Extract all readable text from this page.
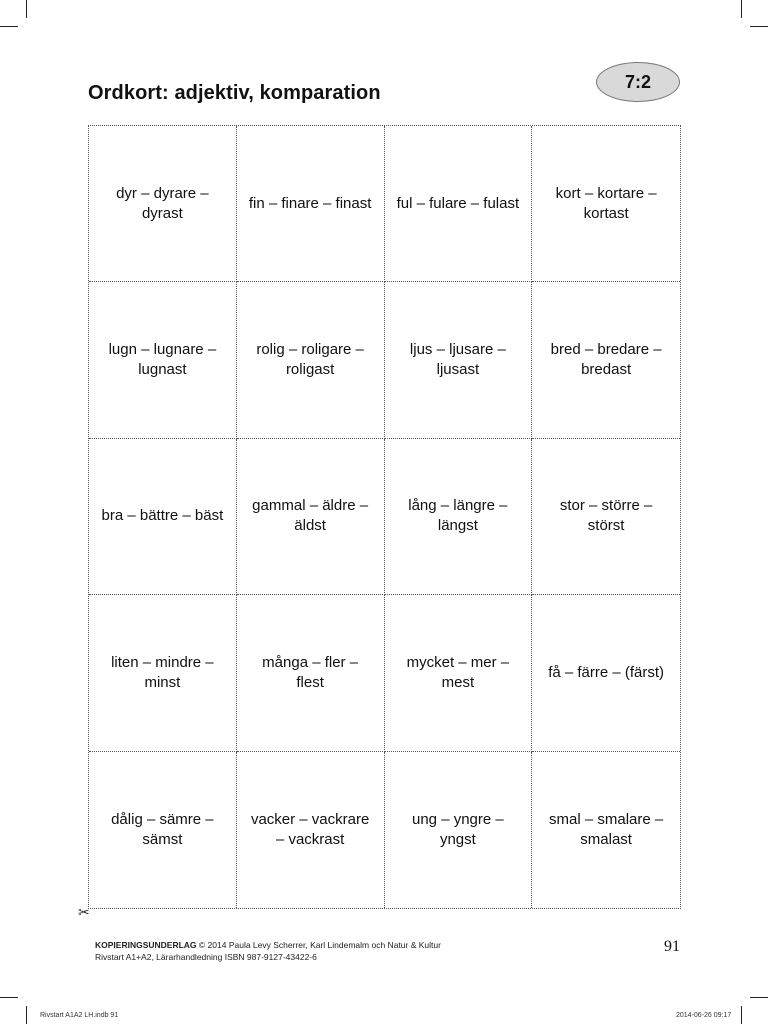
Ordkort: adjektiv, komparation
7:2
dyr – dyrare – dyrast
fin – finare – finast	ful – fulare – fulast
kort – kortare – kortast
lugn – lugnare – lugnast
rolig – roligare – roligast
ljus – ljusare – ljusast
bred – bredare – bredast
bra – bättre – bäst
gammal – äldre – äldst
lång – längre – längst
stor – större – störst
liten – mindre – minst
många – fler – flest
mycket – mer – mest
få – färre – (färst)
dålig – sämre – sämst
vacker – vackrare – vackrast
ung – yngre – yngst
smal – smalare – smalast
✂
KOPIERINGSUNDERLAG © 2014 Paula Levy Scherrer, Karl Lindemalm och Natur & Kultur
Rivstart A1+A2, Lärarhandledning ISBN 987-9127-43422-6
91
Rivstart A1A2 LH.indb 91	2014-06-26 09:17
